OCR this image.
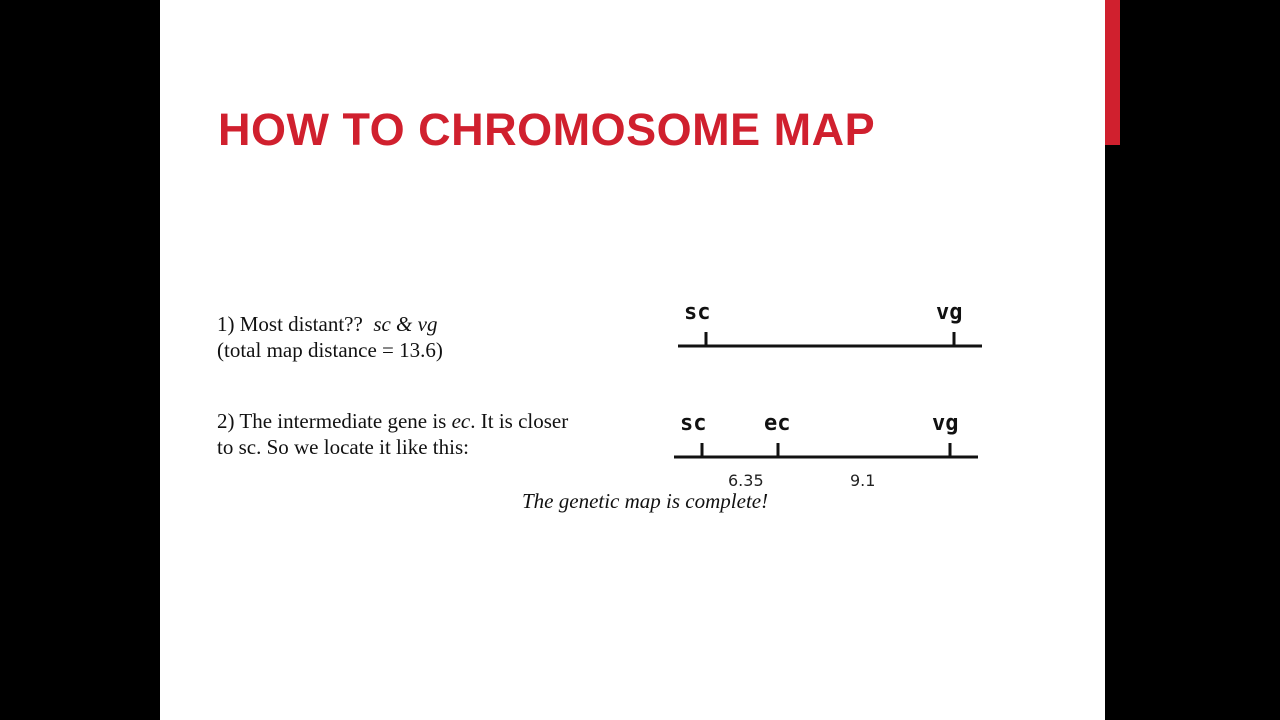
HOW TO CHROMOSOME MAP
1) Most distant?? sc & vg
(total map distance = 13.6)
sc	vg
2) The intermediate gene is ec. It is closer
to sc. So we locate it like this:
sc	ec	vg
6.35	9.1
The genetic map is complete!
